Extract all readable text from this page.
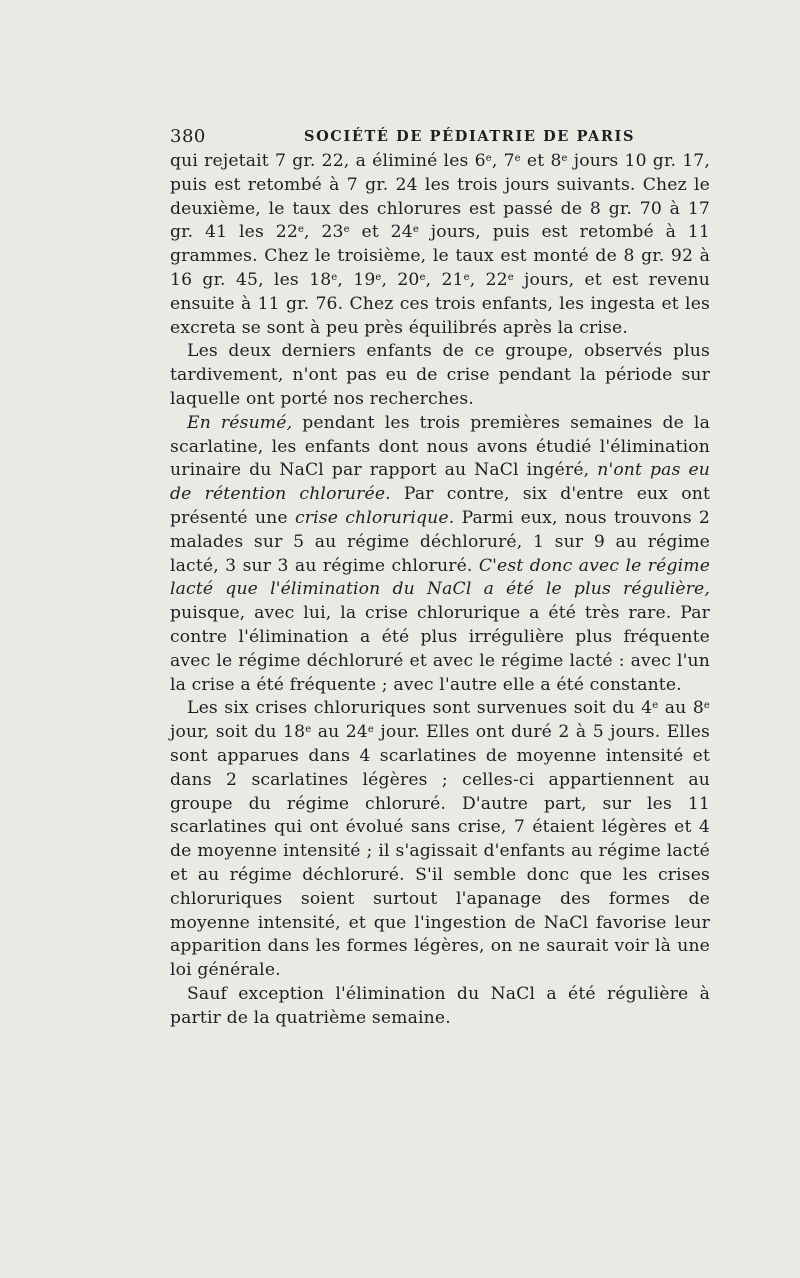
380	SOCIÉTÉ DE PÉDIATRIE DE PARIS

qui rejetait 7 gr. 22, a éliminé les 6e, 7e et 8e jours 10 gr. 17, puis est retombé à 7 gr. 24 les trois jours suivants. Chez le deuxième, le taux des chlorures est passé de 8 gr. 70 à 17 gr. 41 les 22e, 23e et 24e jours, puis est retombé à 11 grammes. Chez le troisième, le taux est monté de 8 gr. 92 à 16 gr. 45, les 18e, 19e, 20e, 21e, 22e jours, et est revenu ensuite à 11 gr. 76. Chez ces trois enfants, les ingesta et les excreta se sont à peu près équilibrés après la crise.

Les deux derniers enfants de ce groupe, observés plus tardivement, n'ont pas eu de crise pendant la période sur laquelle ont porté nos recherches.

En résumé, pendant les trois premières semaines de la scarlatine, les enfants dont nous avons étudié l'élimination urinaire du NaCl par rapport au NaCl ingéré, n'ont pas eu de rétention chlorurée. Par contre, six d'entre eux ont présenté une crise chlorurique. Parmi eux, nous trouvons 2 malades sur 5 au régime déchloruré, 1 sur 9 au régime lacté, 3 sur 3 au régime chloruré. C'est donc avec le régime lacté que l'élimination du NaCl a été le plus régulière, puisque, avec lui, la crise chlorurique a été très rare. Par contre l'élimination a été plus irrégulière plus fréquente avec le régime déchloruré et avec le régime lacté : avec l'un la crise a été fréquente ; avec l'autre elle a été constante.

Les six crises chloruriques sont survenues soit du 4e au 8e jour, soit du 18e au 24e jour. Elles ont duré 2 à 5 jours. Elles sont apparues dans 4 scarlatines de moyenne intensité et dans 2 scarlatines légères ; celles-ci appartiennent au groupe du régime chloruré. D'autre part, sur les 11 scarlatines qui ont évolué sans crise, 7 étaient légères et 4 de moyenne intensité ; il s'agissait d'enfants au régime lacté et au régime déchloruré. S'il semble donc que les crises chloruriques soient surtout l'apanage des formes de moyenne intensité, et que l'ingestion de NaCl favorise leur apparition dans les formes légères, on ne saurait voir là une loi générale.

Sauf exception l'élimination du NaCl a été régulière à partir de la quatrième semaine.
